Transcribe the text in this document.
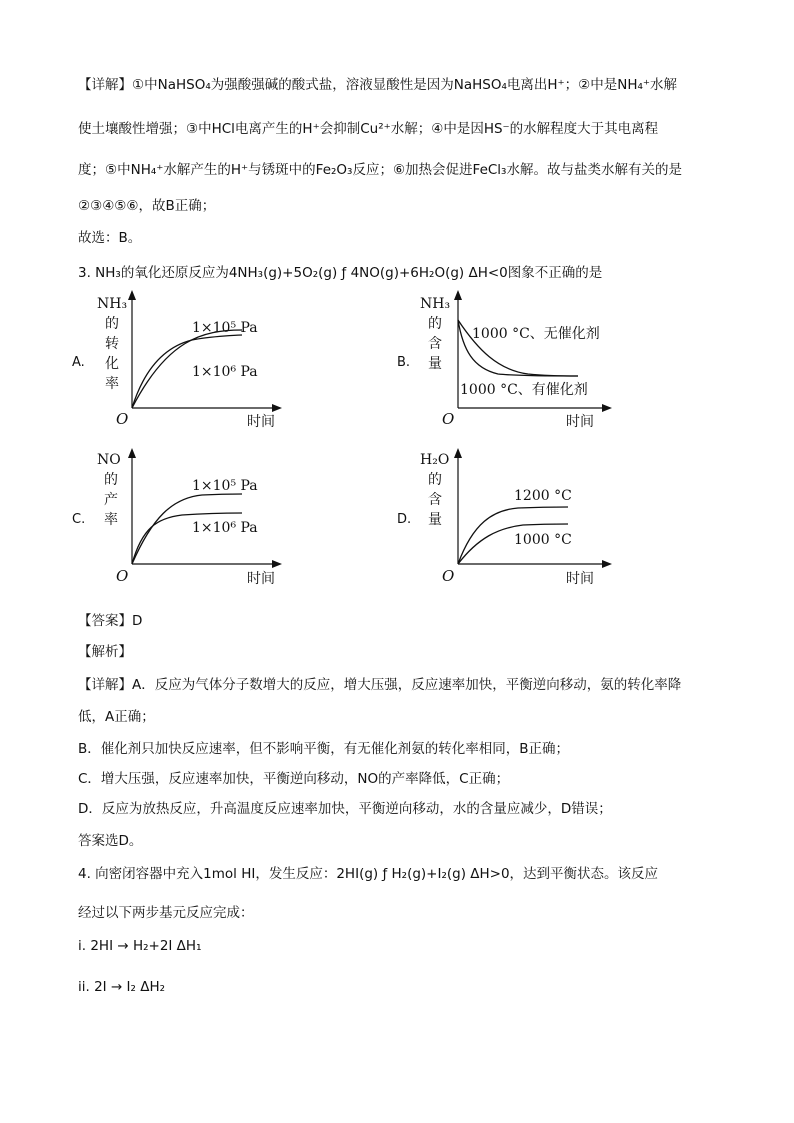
【详解】①中NaHSO₄为强酸强碱的酸式盐，溶液显酸性是因为NaHSO₄电离出H⁺；②中是NH₄⁺水解
使土壤酸性增强；③中HCl电离产生的H⁺会抑制Cu²⁺水解；④中是因HS⁻的水解程度大于其电离程
度；⑤中NH₄⁺水解产生的H⁺与锈斑中的Fe₂O₃反应；⑥加热会促进FeCl₃水解。故与盐类水解有关的是
②③④⑤⑥，故B正确；
故选：B。
3. NH₃的氧化还原反应为4NH₃(g)+5O₂(g) ƒ 4NO(g)+6H₂O(g) ΔH<0图象不正确的是
A.
NH₃
的
转
化
率
1×10⁵ Pa
1×10⁶ Pa
O	时间
B.
NH₃
的
含
量
1000 °C、无催化剂
1000 °C、有催化剂
O	时间
C.
NO
的
产
率
1×10⁵ Pa
1×10⁶ Pa
O	时间
D.
H₂O
的
含
量
1200 °C
1000 °C
O	时间
【答案】D
【解析】
【详解】A．反应为气体分子数增大的反应，增大压强，反应速率加快，平衡逆向移动，氨的转化率降
低，A正确；
B．催化剂只加快反应速率，但不影响平衡，有无催化剂氨的转化率相同，B正确；
C．增大压强，反应速率加快，平衡逆向移动，NO的产率降低，C正确；
D．反应为放热反应，升高温度反应速率加快，平衡逆向移动，水的含量应减少，D错误；
答案选D。
4. 向密闭容器中充入1mol HI，发生反应：2HI(g) ƒ H₂(g)+I₂(g) ΔH>0，达到平衡状态。该反应
经过以下两步基元反应完成：
i. 2HI → H₂+2I ΔH₁
ii. 2I → I₂ ΔH₂
